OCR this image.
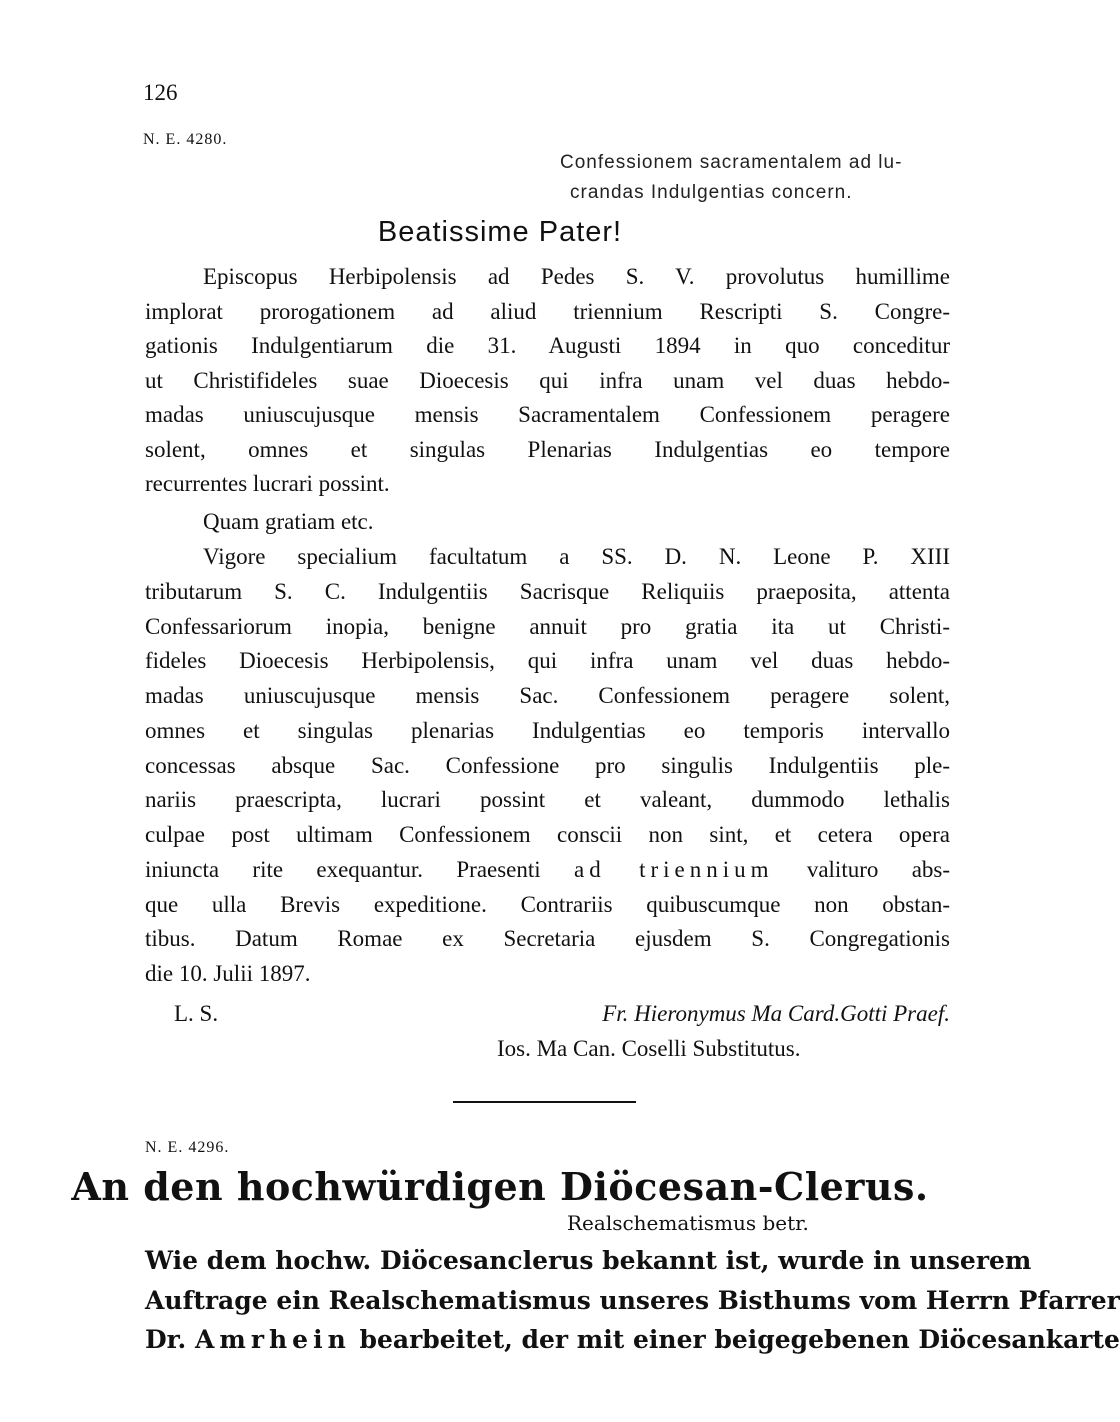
126
N. E. 4280.

Confessionem sacramentalem ad lu-

crandas Indulgentias concern.

Beatissime Pater!
Episcopus Herbipolensis ad Pedes S. V. provolutus humillime
implorat prorogationem ad aliud triennium Rescripti S. Congre-
gationis Indulgentiarum die 31. Augusti 1894 in quo conceditur
ut Christifideles suae Dioecesis qui infra unam vel duas hebdo-
madas uniuscujusque mensis Sacramentalem Confessionem peragere
solent, omnes et singulas Plenarias Indulgentias eo tempore
recurrentes lucrari possint.
Quam gratiam etc.
Vigore specialium facultatum a SS. D. N. Leone P. XIII
tributarum S. C. Indulgentiis Sacrisque Reliquiis praeposita, attenta
Confessariorum inopia, benigne annuit pro gratia ita ut Christi-
fideles Dioecesis Herbipolensis, qui infra unam vel duas hebdo-
madas uniuscujusque mensis Sac. Confessionem peragere solent,
omnes et singulas plenarias Indulgentias eo temporis intervallo
concessas absque Sac. Confessione pro singulis Indulgentiis ple-
nariis praescripta, lucrari possint et valeant, dummodo lethalis
culpae post ultimam Confessionem conscii non sint, et cetera opera
iniuncta rite exequantur. Praesenti ad triennium valituro abs-
que ulla Brevis expeditione. Contrariis quibuscumque non obstan-
tibus. Datum Romae ex Secretaria ejusdem S. Congregationis
die 10. Julii 1897.
L. S.	Fr. Hieronymus Ma Card.Gotti Praef.
Ios. Ma Can. Coselli Substitutus.
N. E. 4296.
An den hochwürdigen Diöcesan-Clerus.
Realschematismus betr.
Wie dem hochw. Diöcesanclerus bekannt ist, wurde in unserem
Auftrage ein Realschematismus unseres Bisthums vom Herrn Pfarrer
Dr. Amrhein bearbeitet, der mit einer beigegebenen Diöcesankarte
